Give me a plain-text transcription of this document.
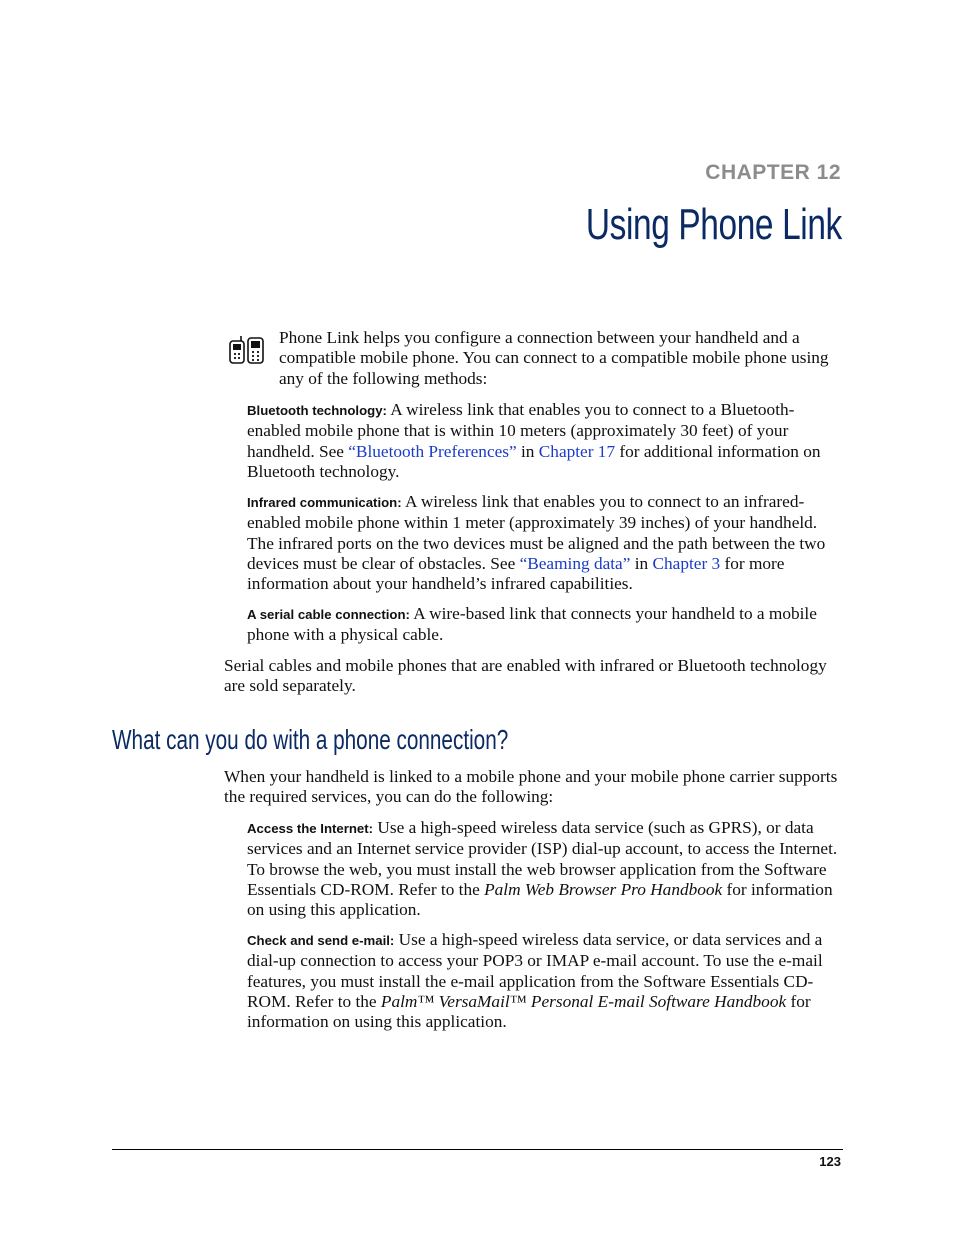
CHAPTER 12
Using Phone Link

Phone Link helps you configure a connection between your handheld and a compatible mobile phone. You can connect to a compatible mobile phone using any of the following methods:

Bluetooth technology: A wireless link that enables you to connect to a Bluetooth-enabled mobile phone that is within 10 meters (approximately 30 feet) of your handheld. See “Bluetooth Preferences” in Chapter 17 for additional information on Bluetooth technology.

Infrared communication: A wireless link that enables you to connect to an infrared-enabled mobile phone within 1 meter (approximately 39 inches) of your handheld. The infrared ports on the two devices must be aligned and the path between the two devices must be clear of obstacles. See “Beaming data” in Chapter 3 for more information about your handheld’s infrared capabilities.

A serial cable connection: A wire-based link that connects your handheld to a mobile phone with a physical cable.

Serial cables and mobile phones that are enabled with infrared or Bluetooth technology are sold separately.

What can you do with a phone connection?

When your handheld is linked to a mobile phone and your mobile phone carrier supports the required services, you can do the following:

Access the Internet: Use a high-speed wireless data service (such as GPRS), or data services and an Internet service provider (ISP) dial-up account, to access the Internet. To browse the web, you must install the web browser application from the Software Essentials CD-ROM. Refer to the Palm Web Browser Pro Handbook for information on using this application.

Check and send e-mail: Use a high-speed wireless data service, or data services and a dial-up connection to access your POP3 or IMAP e-mail account. To use the e-mail features, you must install the e-mail application from the Software Essentials CD-ROM. Refer to the Palm™ VersaMail™ Personal E-mail Software Handbook for information on using this application.

123
